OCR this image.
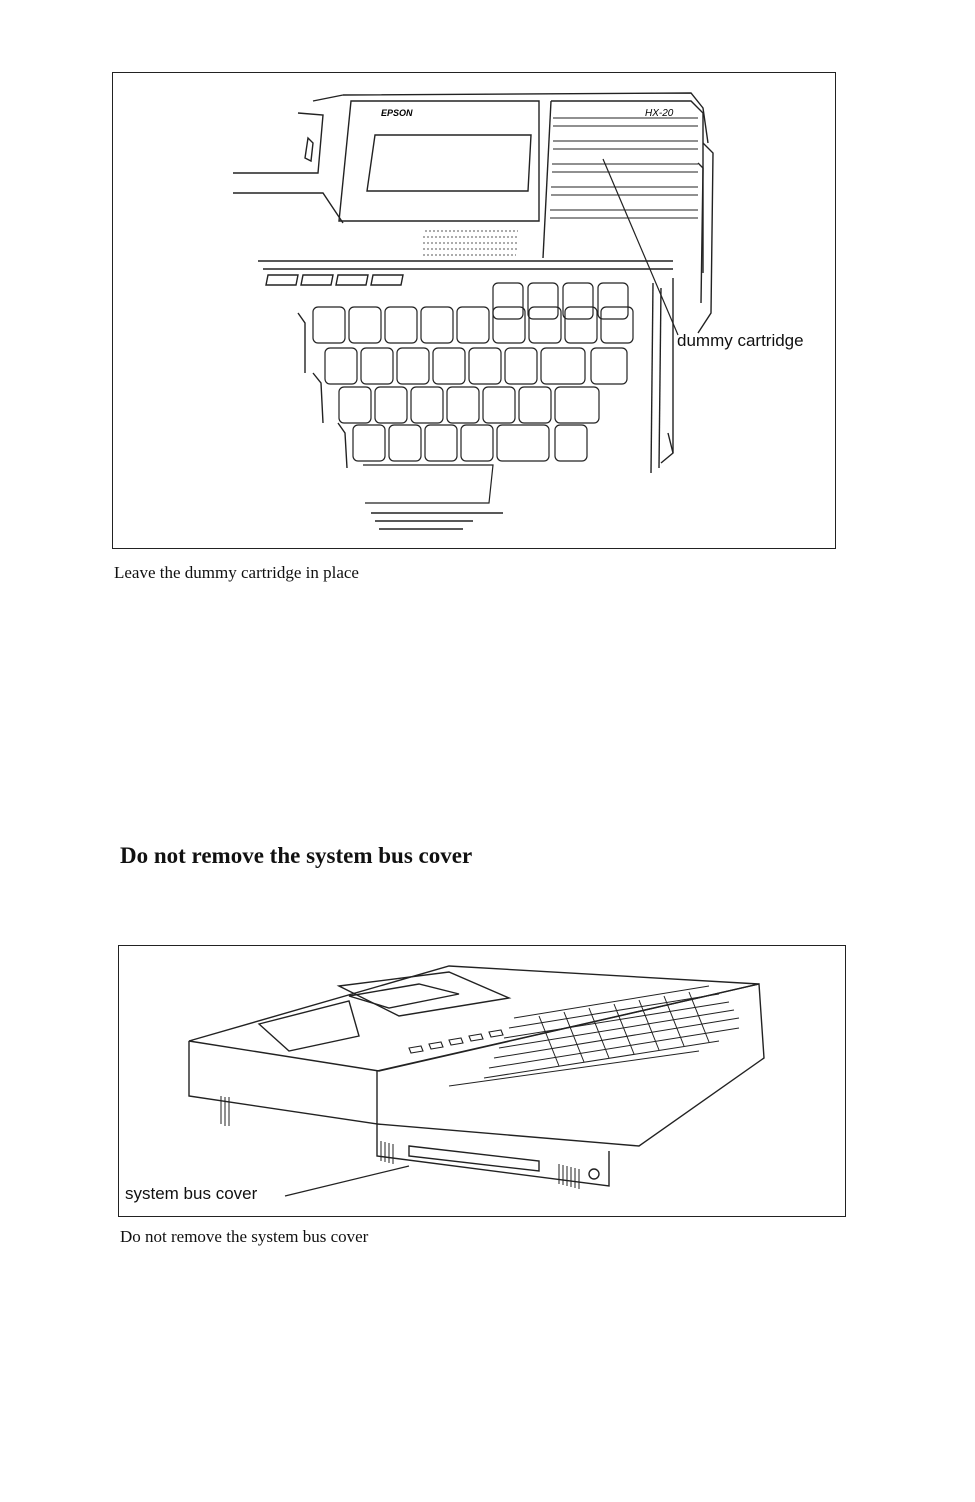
EPSON	HX-20
dummy cartridge
Leave the dummy cartridge in place
Do not remove the system bus cover
system bus cover
Do not remove the system bus cover
